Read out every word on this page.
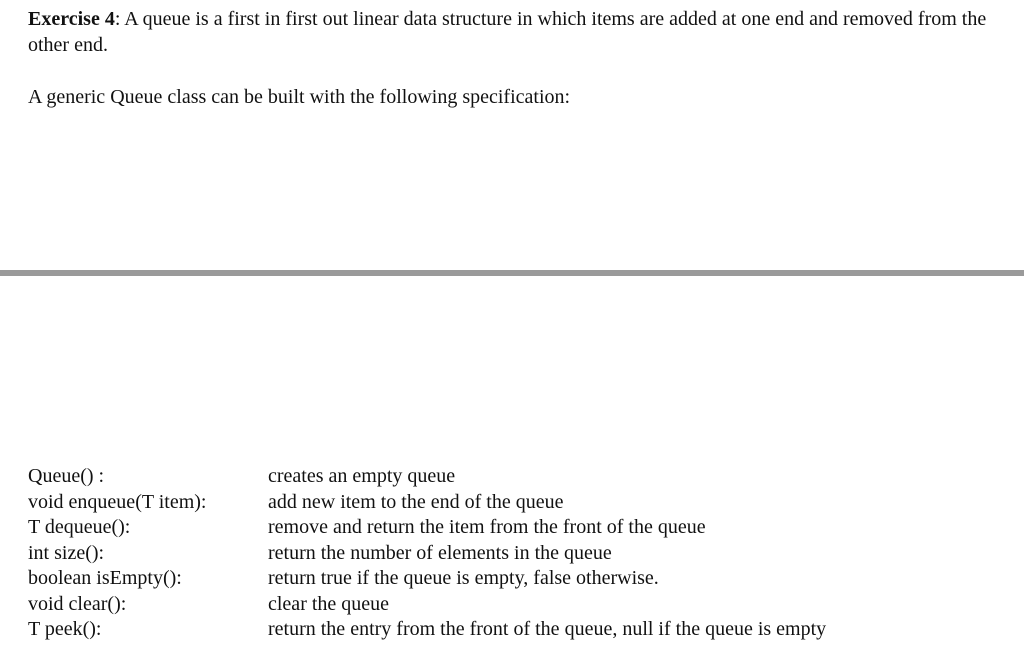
Exercise 4: A queue is a first in first out linear data structure in which items are added at one end and removed from the other end.

A generic Queue class can be built with the following specification:

Queue() :	creates an empty queue
void enqueue(T item):	add new item to the end of the queue
T dequeue():	remove and return the item from the front of the queue
int size():	return the number of elements in the queue
boolean isEmpty():	return true if the queue is empty, false otherwise.
void clear():	clear the queue
T peek():	return the entry from the front of the queue, null if the queue is empty
